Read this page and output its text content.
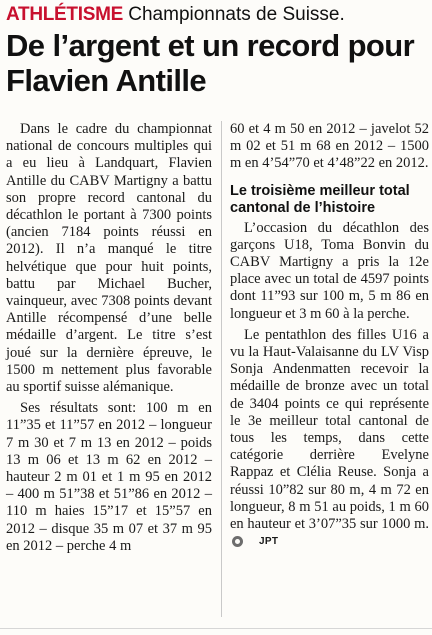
ATHLÉTISME Championnats de Suisse.
De l’argent et un record pour Flavien Antille

Dans le cadre du championnat national de concours multiples qui a eu lieu à Landquart, Flavien Antille du CABV Martigny a battu son propre record cantonal du décathlon le portant à 7300 points (ancien 7184 points réussi en 2012). Il n’a manqué le titre helvétique que pour huit points, battu par Michael Bucher, vainqueur, avec 7308 points devant Antille récompensé d’une belle médaille d’argent. Le titre s’est joué sur la dernière épreuve, le 1500 m nettement plus favorable au sportif suisse alémanique.

Ses résultats sont: 100 m en 11”35 et 11”57 en 2012 – longueur 7 m 30 et 7 m 13 en 2012 – poids 13 m 06 et 13 m 62 en 2012 – hauteur 2 m 01 et 1 m 95 en 2012 – 400 m 51”38 et 51”86 en 2012 – 110 m haies 15”17 et 15”57 en 2012 – disque 35 m 07 et 37 m 95 en 2012 – perche 4 m

60 et 4 m 50 en 2012 – javelot 52 m 02 et 51 m 68 en 2012 – 1500 m en 4’54”70 et 4’48”22 en 2012.

Le troisième meilleur total cantonal de l’histoire

L’occasion du décathlon des garçons U18, Toma Bonvin du CABV Martigny a pris la 12e place avec un total de 4597 points dont 11”93 sur 100 m, 5 m 86 en longueur et 3 m 60 à la perche.

Le pentathlon des filles U16 a vu la Haut-Valaisanne du LV Visp Sonja Andenmatten recevoir la médaille de bronze avec un total de 3404 points ce qui représente le 3e meilleur total cantonal de tous les temps, dans cette catégorie derrière Evelyne Rappaz et Clélia Reuse. Sonja a réussi 10”82 sur 80 m, 4 m 72 en longueur, 8 m 51 au poids, 1 m 60 en hauteur et 3’07”35 sur 1000 m.JPT
